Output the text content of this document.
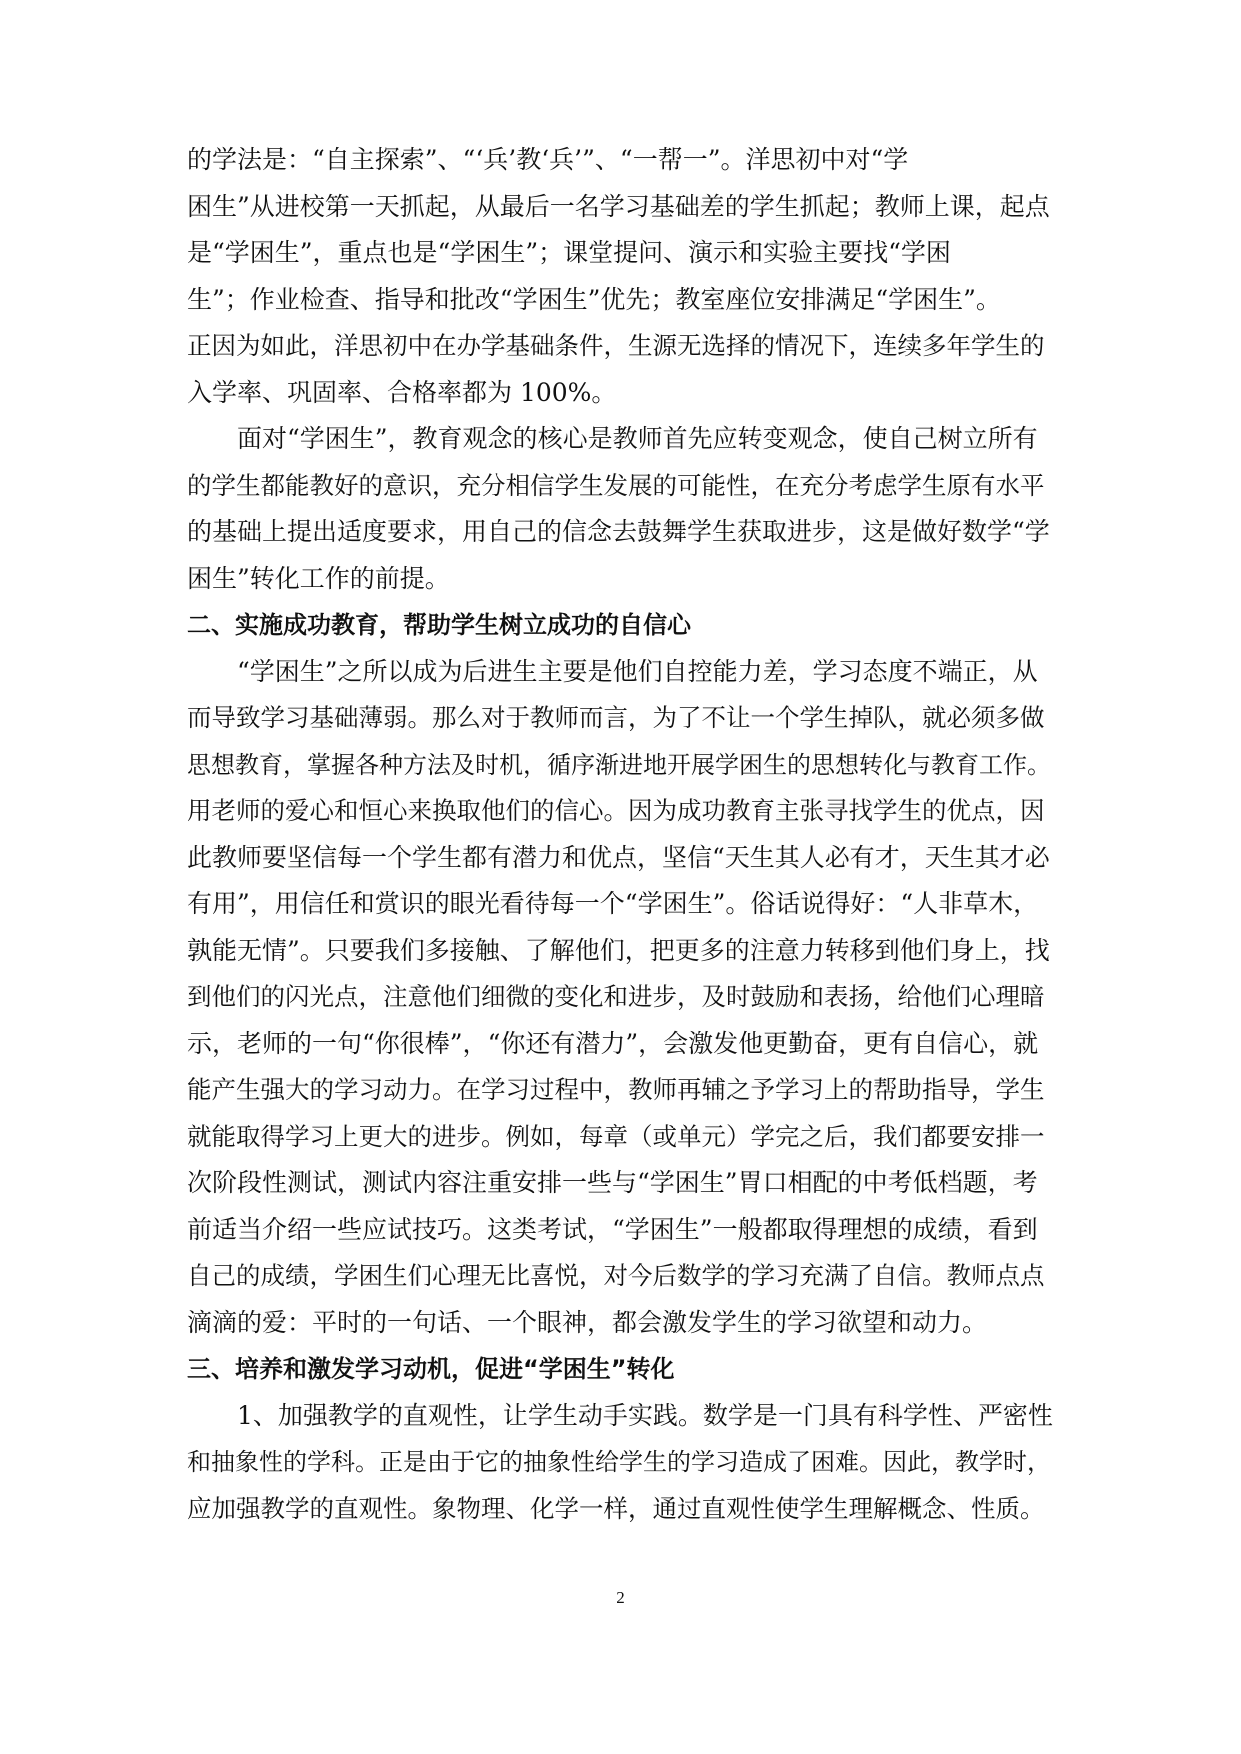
的学法是：“自主探索”、“‘兵’教‘兵’”、“一帮一”。洋思初中对“学
困生”从进校第一天抓起，从最后一名学习基础差的学生抓起；教师上课，起点
是“学困生”，重点也是“学困生”；课堂提问、演示和实验主要找“学困
生”；作业检查、指导和批改“学困生”优先；教室座位安排满足“学困生”。
正因为如此，洋思初中在办学基础条件，生源无选择的情况下，连续多年学生的
入学率、巩固率、合格率都为 100%。
面对“学困生”，教育观念的核心是教师首先应转变观念，使自己树立所有
的学生都能教好的意识，充分相信学生发展的可能性，在充分考虑学生原有水平
的基础上提出适度要求，用自己的信念去鼓舞学生获取进步，这是做好数学“学
困生”转化工作的前提。
二、实施成功教育，帮助学生树立成功的自信心
“学困生”之所以成为后进生主要是他们自控能力差，学习态度不端正，从
而导致学习基础薄弱。那么对于教师而言，为了不让一个学生掉队，就必须多做
思想教育，掌握各种方法及时机，循序渐进地开展学困生的思想转化与教育工作。
用老师的爱心和恒心来换取他们的信心。因为成功教育主张寻找学生的优点，因
此教师要坚信每一个学生都有潜力和优点，坚信“天生其人必有才，天生其才必
有用”，用信任和赏识的眼光看待每一个“学困生”。俗话说得好：“人非草木，
孰能无情”。只要我们多接触、了解他们，把更多的注意力转移到他们身上，找
到他们的闪光点，注意他们细微的变化和进步，及时鼓励和表扬，给他们心理暗
示，老师的一句“你很棒”，“你还有潜力”，会激发他更勤奋，更有自信心，就
能产生强大的学习动力。在学习过程中，教师再辅之予学习上的帮助指导，学生
就能取得学习上更大的进步。例如，每章（或单元）学完之后，我们都要安排一
次阶段性测试，测试内容注重安排一些与“学困生”胃口相配的中考低档题，考
前适当介绍一些应试技巧。这类考试，“学困生”一般都取得理想的成绩，看到
自己的成绩，学困生们心理无比喜悦，对今后数学的学习充满了自信。教师点点
滴滴的爱：平时的一句话、一个眼神，都会激发学生的学习欲望和动力。
三、培养和激发学习动机，促进“学困生”转化
1、加强教学的直观性，让学生动手实践。数学是一门具有科学性、严密性
和抽象性的学科。正是由于它的抽象性给学生的学习造成了困难。因此，教学时，
应加强教学的直观性。象物理、化学一样，通过直观性使学生理解概念、性质。
2
